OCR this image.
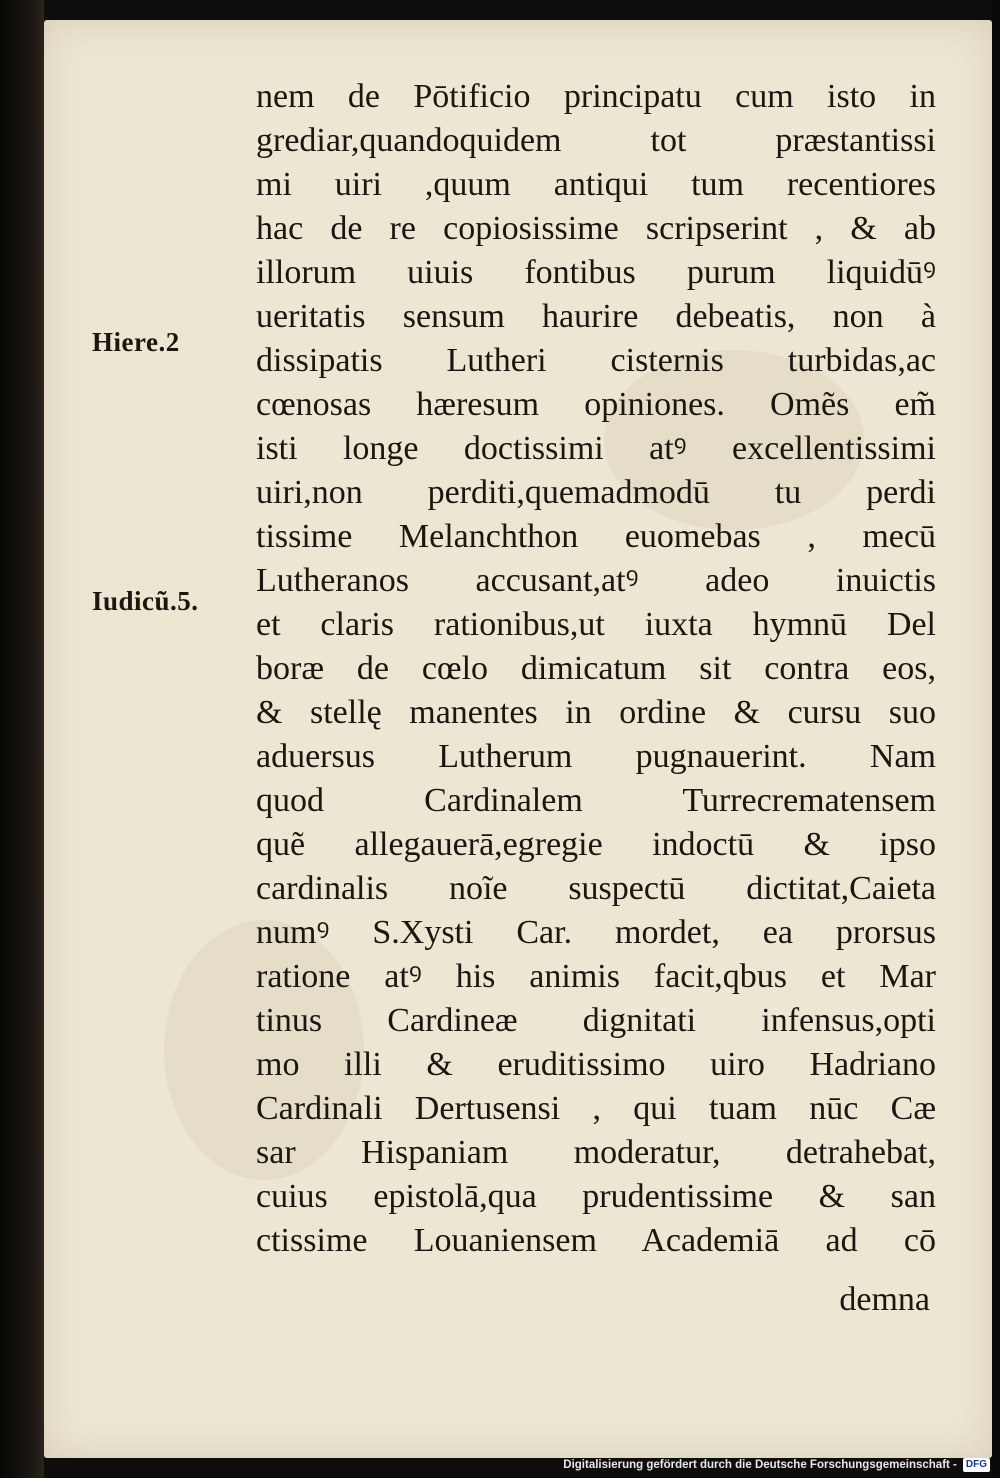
Hiere.2
Iudicũ.5.
nem de Pōtificio principatu cum isto in
grediar,quandoquidem tot præstantissi
mi uiri ,quum antiqui tum recentiores
hac de re copiosissime scripserint , & ab
illorum uiuis fontibus purum liquidūꝰ
ueritatis sensum haurire debeatis, non à
dissipatis Lutheri cisternis turbidas,ac
cœnosas hæresum opiniones. Omẽs em̃
isti longe doctissimi atꝰ excellentissimi
uiri,non perditi,quemadmodū tu perdi
tissime Melanchthon euomebas , mecū
Lutheranos accusant,atꝰ adeo inuictis
et claris rationibus,ut iuxta hymnū Del
boræ de cœlo dimicatum sit contra eos,
& stellę manentes in ordine & cursu suo
aduersus Lutherum pugnauerint. Nam
quod Cardinalem Turrecrematensem
quẽ allegauerā,egregie indoctū & ipso
cardinalis noĩe suspectū dictitat,Caieta
numꝰ S.Xysti Car. mordet, ea prorsus
ratione atꝰ his animis facit,qbus et Mar
tinus Cardineæ dignitati infensus,opti
mo illi & eruditissimo uiro Hadriano
Cardinali Dertusensi , qui tuam nūc Cæ
sar Hispaniam moderatur, detrahebat,
cuius epistolā,qua prudentissime & san
ctissime Louaniensem Academiā ad cō
demna
Digitalisierung gefördert durch die Deutsche Forschungsgemeinschaft - DFG
